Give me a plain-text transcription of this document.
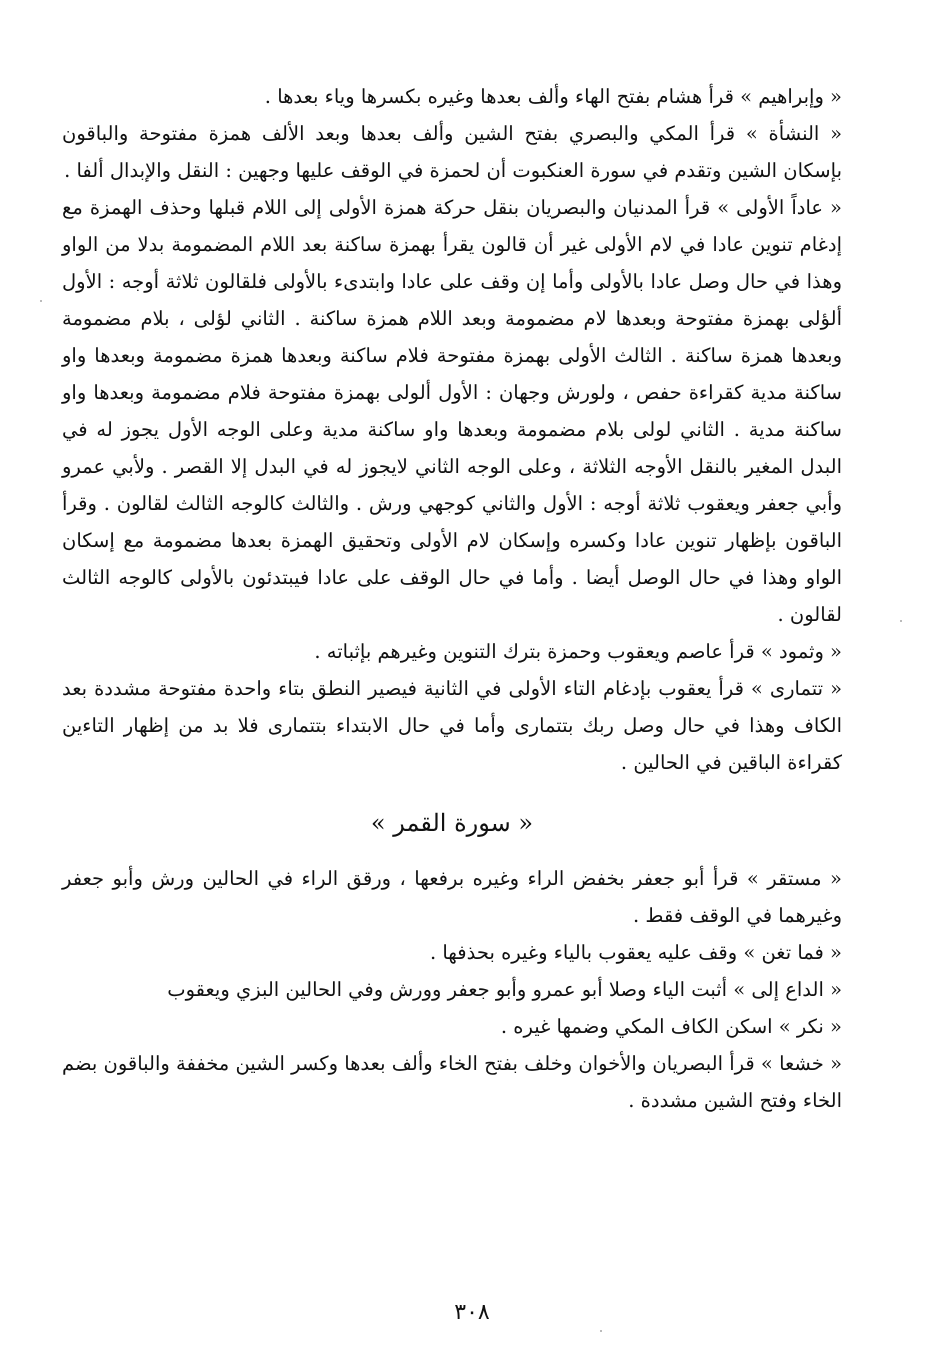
« وإبراهيم » قرأ هشام بفتح الهاء وألف بعدها وغيره بكسرها وياء بعدها .

« النشأة » قرأ المكي والبصري بفتح الشين وألف بعدها وبعد الألف همزة مفتوحة والباقون بإسكان الشين وتقدم في سورة العنكبوت أن لحمزة في الوقف عليها وجهين : النقل والإبدال ألفا .

« عاداً الأولى » قرأ المدنيان والبصريان بنقل حركة همزة الأولى إلى اللام قبلها وحذف الهمزة مع إدغام تنوين عادا في لام الأولى غير أن قالون يقرأ بهمزة ساكنة بعد اللام المضمومة بدلا من الواو وهذا في حال وصل عادا بالأولى وأما إن وقف على عادا وابتدىء بالأولى فلقالون ثلاثة أوجه : الأول ألؤلى بهمزة مفتوحة وبعدها لام مضمومة وبعد اللام همزة ساكنة . الثاني لؤلى ، بلام مضمومة وبعدها همزة ساكنة . الثالث الأولى بهمزة مفتوحة فلام ساكنة وبعدها همزة مضمومة وبعدها واو ساكنة مدية كقراءة حفص ، ولورش وجهان : الأول ألولى بهمزة مفتوحة فلام مضمومة وبعدها واو ساكنة مدية . الثاني لولى بلام مضمومة وبعدها واو ساكنة مدية وعلى الوجه الأول يجوز له في البدل المغير بالنقل الأوجه الثلاثة ، وعلى الوجه الثاني لايجوز له في البدل إلا القصر . ولأبي عمرو وأبي جعفر ويعقوب ثلاثة أوجه : الأول والثاني كوجهي ورش . والثالث كالوجه الثالث لقالون . وقرأ الباقون بإظهار تنوين عادا وكسره وإسكان لام الأولى وتحقيق الهمزة بعدها مضمومة مع إسكان الواو وهذا في حال الوصل أيضا . وأما في حال الوقف على عادا فيبتدئون بالأولى كالوجه الثالث لقالون .

« وثمود » قرأ عاصم ويعقوب وحمزة بترك التنوين وغيرهم بإثباته .

« تتمارى » قرأ يعقوب بإدغام التاء الأولى في الثانية فيصير النطق بتاء واحدة مفتوحة مشددة بعد الكاف وهذا في حال وصل ربك بتتمارى وأما في حال الابتداء بتتمارى فلا بد من إظهار التاءين كقراءة الباقين في الحالين .

« سورة القمر »

« مستقر » قرأ أبو جعفر بخفض الراء وغيره برفعها ، ورقق الراء في الحالين ورش وأبو جعفر وغيرهما في الوقف فقط .

« فما تغن » وقف عليه يعقوب بالياء وغيره بحذفها .

« الداع إلى » أثبت الياء وصلا أبو عمرو وأبو جعفر وورش وفي الحالين البزي ويعقوب

« نكر » اسكن الكاف المكي وضمها غيره .

« خشعا » قرأ البصريان والأخوان وخلف بفتح الخاء وألف بعدها وكسر الشين مخففة والباقون بضم الخاء وفتح الشين مشددة .

٣٠٨
